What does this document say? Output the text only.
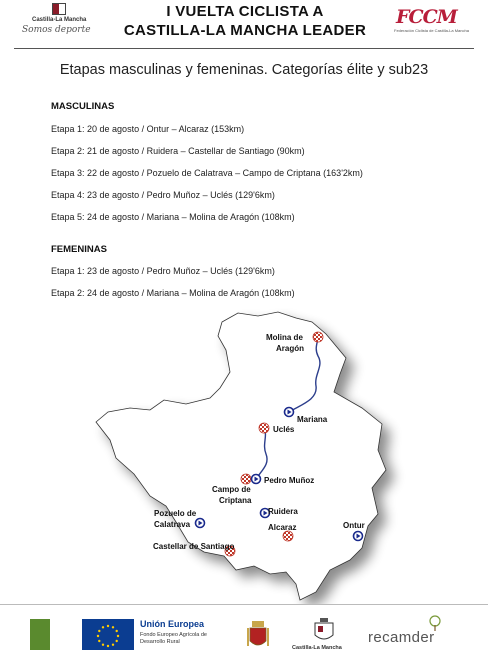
Castilla-La Mancha
Somos deporte
I VUELTA CICLISTA A
CASTILLA-LA MANCHA LEADER
FCCM
Federación Ciclista de Castilla-La Mancha
Etapas masculinas y femeninas. Categorías élite y sub23
MASCULINAS
Etapa 1: 20 de agosto / Ontur – Alcaraz (153km)
Etapa 2: 21 de agosto / Ruidera – Castellar de Santiago (90km)
Etapa 3: 22 de agosto / Pozuelo de Calatrava – Campo de Criptana (163'2km)
Etapa 4: 23 de agosto / Pedro Muñoz – Uclés (129'6km)
Etapa 5: 24 de agosto / Mariana – Molina de Aragón (108km)
FEMENINAS
Etapa 1: 23 de agosto / Pedro Muñoz – Uclés (129'6km)
Etapa 2: 24 de agosto / Mariana – Molina de Aragón (108km)
Molina de
Aragón
Mariana
Uclés
Pedro Muñoz
Campo de
Criptana
Pozuelo de
Calatrava
Ruidera
Alcaraz	Ontur
Castellar de Santiago
Unión Europea
Fondo Europeo Agrícola de Desarrollo Rural
Castilla-La Mancha
recamder
